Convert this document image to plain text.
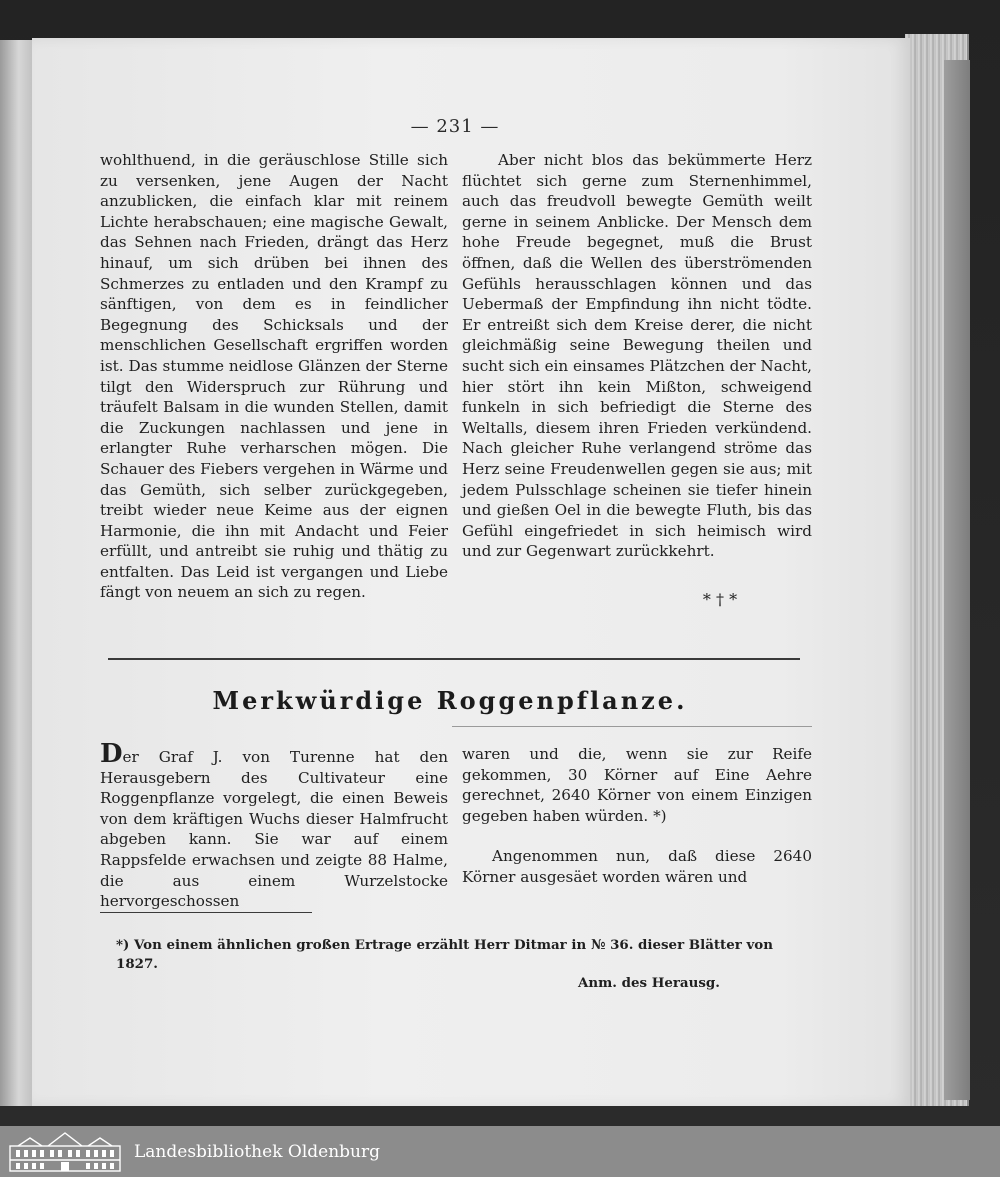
— 231 —

wohlthuend, in die geräuschlose Stille sich zu versenken, jene Augen der Nacht anzublicken, die einfach klar mit reinem Lichte herabschauen; eine magische Gewalt, das Sehnen nach Frieden, drängt das Herz hinauf, um sich drüben bei ihnen des Schmerzes zu entladen und den Krampf zu sänftigen, von dem es in feindlicher Begegnung des Schicksals und der menschlichen Gesellschaft ergriffen worden ist. Das stumme neidlose Glänzen der Sterne tilgt den Widerspruch zur Rührung und träufelt Balsam in die wunden Stellen, damit die Zuckungen nachlassen und jene in erlangter Ruhe verharschen mögen. Die Schauer des Fiebers vergehen in Wärme und das Gemüth, sich selber zurückgegeben, treibt wieder neue Keime aus der eignen Harmonie, die ihn mit Andacht und Feier erfüllt, und antreibt sie ruhig und thätig zu entfalten. Das Leid ist vergangen und Liebe fängt von neuem an sich zu regen.

Aber nicht blos das bekümmerte Herz flüchtet sich gerne zum Sternenhimmel, auch das freudvoll bewegte Gemüth weilt gerne in seinem Anblicke. Der Mensch dem hohe Freude begegnet, muß die Brust öffnen, daß die Wellen des überströmenden Gefühls herausschlagen können und das Uebermaß der Empfindung ihn nicht tödte. Er entreißt sich dem Kreise derer, die nicht gleichmäßig seine Bewegung theilen und sucht sich ein einsames Plätzchen der Nacht, hier stört ihn kein Mißton, schweigend funkeln in sich befriedigt die Sterne des Weltalls, diesem ihren Frieden verkündend. Nach gleicher Ruhe verlangend ströme das Herz seine Freudenwellen gegen sie aus; mit jedem Pulsschlage scheinen sie tiefer hinein und gießen Oel in die bewegte Fluth, bis das Gefühl eingefriedet in sich heimisch wird und zur Gegenwart zurückkehrt.

* † *
Merkwürdige Roggenpflanze.

Der Graf J. von Turenne hat den Herausgebern des Cultivateur eine Roggenpflanze vorgelegt, die einen Beweis von dem kräftigen Wuchs dieser Halmfrucht abgeben kann. Sie war auf einem Rappsfelde erwachsen und zeigte 88 Halme, die aus einem Wurzelstocke hervorgeschossen

waren und die, wenn sie zur Reife gekommen, 30 Körner auf Eine Aehre gerechnet, 2640 Körner von einem Einzigen gegeben haben würden. *)

Angenommen nun, daß diese 2640 Körner ausgesäet worden wären und

*) Von einem ähnlichen großen Ertrage erzählt Herr Ditmar in № 36. dieser Blätter von 1827.
Anm. des Herausg.
Landesbibliothek Oldenburg
